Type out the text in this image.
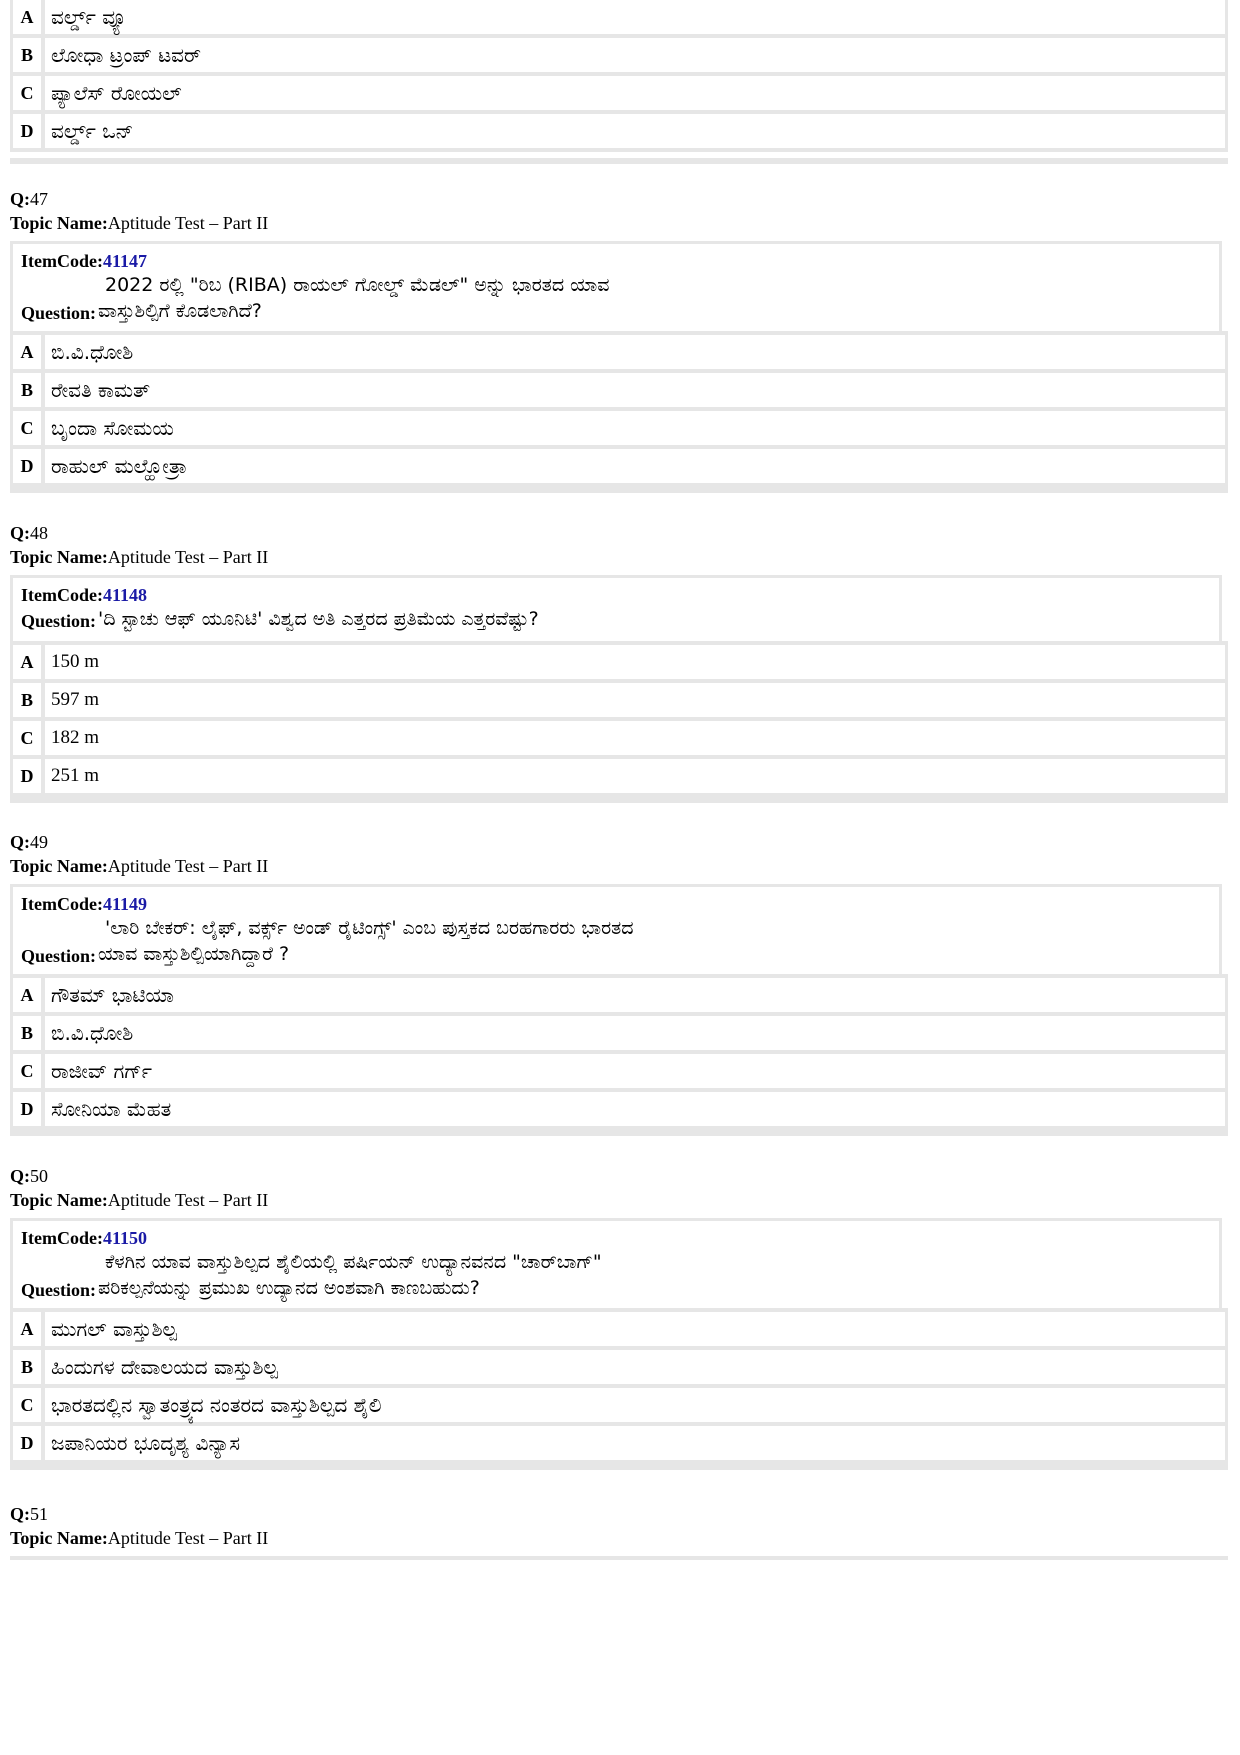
A	ವರ್ಲ್ಡ್ ವ್ಯೂ
B	ಲೋಧಾ ಟ್ರಂಪ್ ಟವರ್
C	ಪ್ಯಾಲೆಸ್ ರೋಯಲ್
D	ವರ್ಲ್ಡ್ ಒನ್
Q:47
Topic Name:Aptitude Test – Part II
ItemCode:41147
2022 ರಲ್ಲಿ "ರಿಬ (RIBA) ರಾಯಲ್ ಗೋಲ್ಡ್ ಮೆಡಲ್" ಅನ್ನು ಭಾರತದ ಯಾವ
Question: ವಾಸ್ತುಶಿಲ್ಪಿಗೆ ಕೊಡಲಾಗಿದೆ?
A	ಬಿ.ವಿ.ಧೋಶಿ
B	ರೇವತಿ ಕಾಮತ್
C	ಬೃಂದಾ ಸೋಮಯ
D	ರಾಹುಲ್ ಮಲ್ಹೋತ್ರಾ
Q:48
Topic Name:Aptitude Test – Part II
ItemCode:41148
Question: 'ದಿ ಸ್ಟಾಚು ಆಫ್ ಯೂನಿಟಿ' ವಿಶ್ವದ ಅತಿ ಎತ್ತರದ ಪ್ರತಿಮೆಯ ಎತ್ತರವೆಷ್ಟು?
A	150 m
B	597 m
C	182 m
D	251 m
Q:49
Topic Name:Aptitude Test – Part II
ItemCode:41149
'ಲಾರಿ ಬೇಕರ್: ಲೈಫ್, ವರ್ಕ್ಸ್ ಅಂಡ್ ರೈಟಿಂಗ್ಸ್' ಎಂಬ ಪುಸ್ತಕದ ಬರಹಗಾರರು ಭಾರತದ
Question: ಯಾವ ವಾಸ್ತುಶಿಲ್ಪಿಯಾಗಿದ್ದಾರೆ ?
A	ಗೌತಮ್ ಭಾಟಿಯಾ
B	ಬಿ.ವಿ.ಧೋಶಿ
C	ರಾಜೀವ್ ಗರ್ಗ್
D	ಸೋನಿಯಾ ಮೆಹತ
Q:50
Topic Name:Aptitude Test – Part II
ItemCode:41150
ಕೆಳಗಿನ ಯಾವ ವಾಸ್ತುಶಿಲ್ಪದ ಶೈಲಿಯಲ್ಲಿ ಪರ್ಷಿಯನ್ ಉದ್ಯಾನವನದ "ಚಾರ್‌ಬಾಗ್"
Question: ಪರಿಕಲ್ಪನೆಯನ್ನು ಪ್ರಮುಖ ಉದ್ಯಾನದ ಅಂಶವಾಗಿ ಕಾಣಬಹುದು?
A	ಮುಗಲ್ ವಾಸ್ತುಶಿಲ್ಪ
B	ಹಿಂದುಗಳ ದೇವಾಲಯದ ವಾಸ್ತುಶಿಲ್ಪ
C	ಭಾರತದಲ್ಲಿನ ಸ್ವಾತಂತ್ರ್ಯದ ನಂತರದ ವಾಸ್ತುಶಿಲ್ಪದ ಶೈಲಿ
D	ಜಪಾನಿಯರ ಭೂದೃಶ್ಯ ವಿನ್ಯಾಸ
Q:51
Topic Name:Aptitude Test – Part II
